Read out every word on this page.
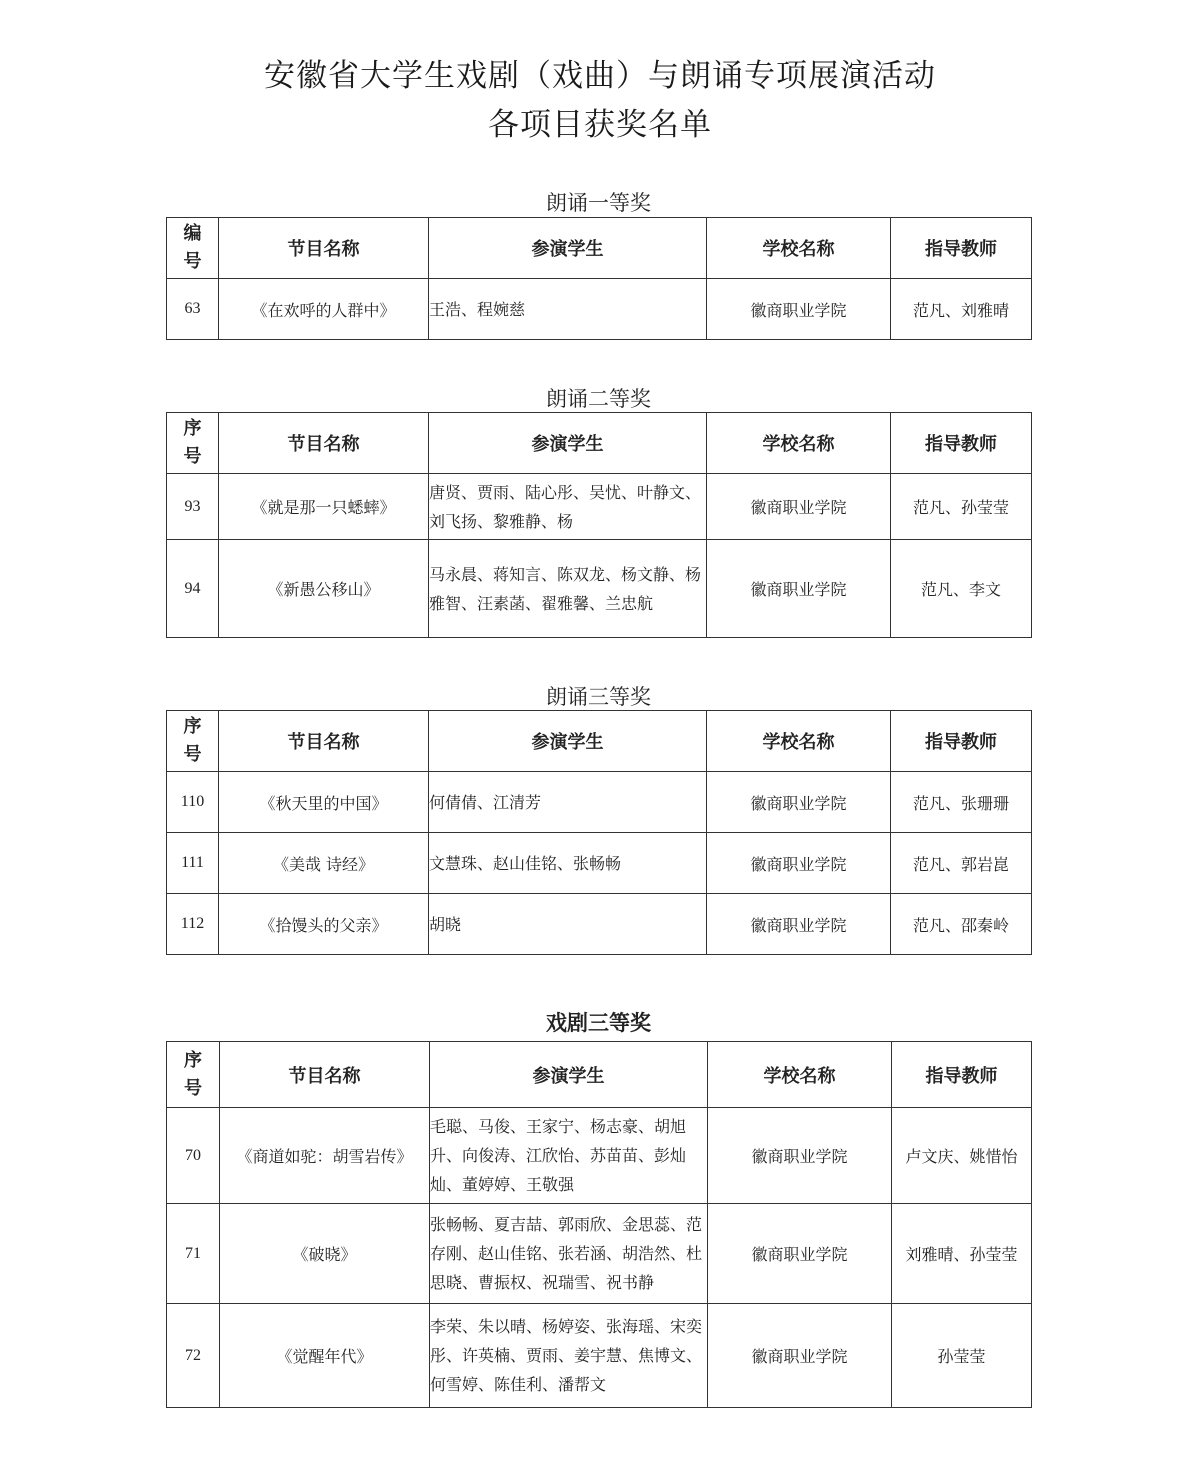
安徽省大学生戏剧（戏曲）与朗诵专项展演活动
各项目获奖名单
朗诵一等奖
编号	节目名称	参演学生	学校名称	指导教师
63	《在欢呼的人群中》	王浩、程婉慈	徽商职业学院	范凡、刘雅晴
朗诵二等奖
序号	节目名称	参演学生	学校名称	指导教师
93	《就是那一只蟋蟀》	唐贤、贾雨、陆心彤、吴忧、叶静文、刘飞扬、黎雅静、杨	徽商职业学院	范凡、孙莹莹
94	《新愚公移山》	马永晨、蒋知言、陈双龙、杨文静、杨雅智、汪素菡、翟雅馨、兰忠航	徽商职业学院	范凡、李文
朗诵三等奖
序号	节目名称	参演学生	学校名称	指导教师
110	《秋天里的中国》	何倩倩、江清芳	徽商职业学院	范凡、张珊珊
111	《美哉 诗经》	文慧珠、赵山佳铭、张畅畅	徽商职业学院	范凡、郭岩崑
112	《拾馒头的父亲》	胡晓	徽商职业学院	范凡、邵秦岭
戏剧三等奖
序号	节目名称	参演学生	学校名称	指导教师
70	《商道如驼：胡雪岩传》	毛聪、马俊、王家宁、杨志豪、胡旭升、向俊涛、江欣怡、苏苗苗、彭灿灿、董婷婷、王敬强	徽商职业学院	卢文庆、姚惜怡
71	《破晓》	张畅畅、夏吉喆、郭雨欣、金思蕊、范存刚、赵山佳铭、张若涵、胡浩然、杜思晓、曹振权、祝瑞雪、祝书静	徽商职业学院	刘雅晴、孙莹莹
72	《觉醒年代》	李荣、朱以晴、杨婷姿、张海瑶、宋奕彤、许英楠、贾雨、姜宇慧、焦博文、何雪婷、陈佳利、潘帮文	徽商职业学院	孙莹莹
